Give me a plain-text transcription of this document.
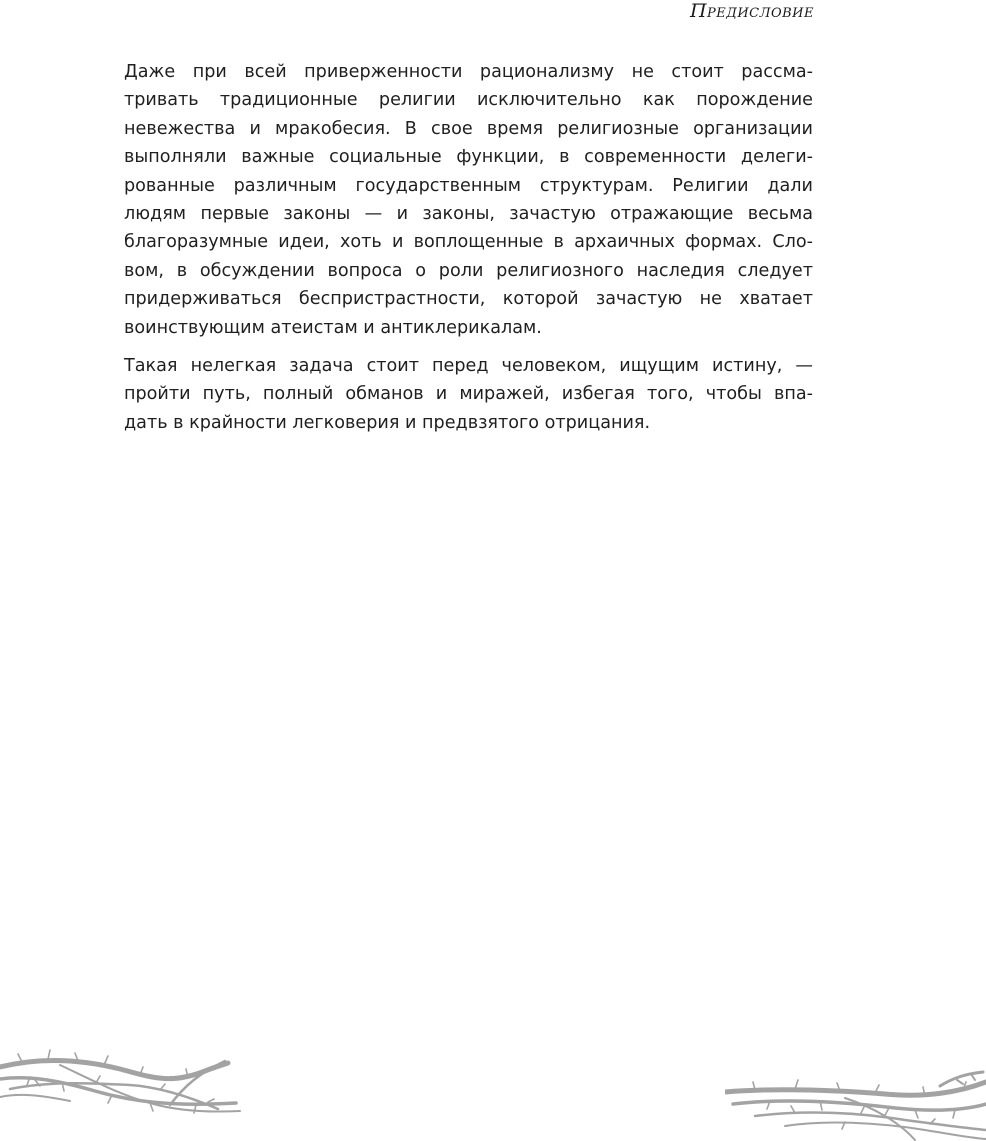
Предисловие

Даже при всей приверженности рационализму не стоит рассма-
тривать традиционные религии исключительно как порождение
невежества и мракобесия. В свое время религиозные организации
выполняли важные социальные функции, в современности делеги-
рованные различным государственным структурам. Религии дали
людям первые законы — и законы, зачастую отражающие весьма
благоразумные идеи, хоть и воплощенные в архаичных формах. Сло-
вом, в обсуждении вопроса о роли религиозного наследия следует
придерживаться беспристрастности, которой зачастую не хватает
воинствующим атеистам и антиклерикалам.

Такая нелегкая задача стоит перед человеком, ищущим истину, —
пройти путь, полный обманов и миражей, избегая того, чтобы впа-
дать в крайности легковерия и предвзятого отрицания.
